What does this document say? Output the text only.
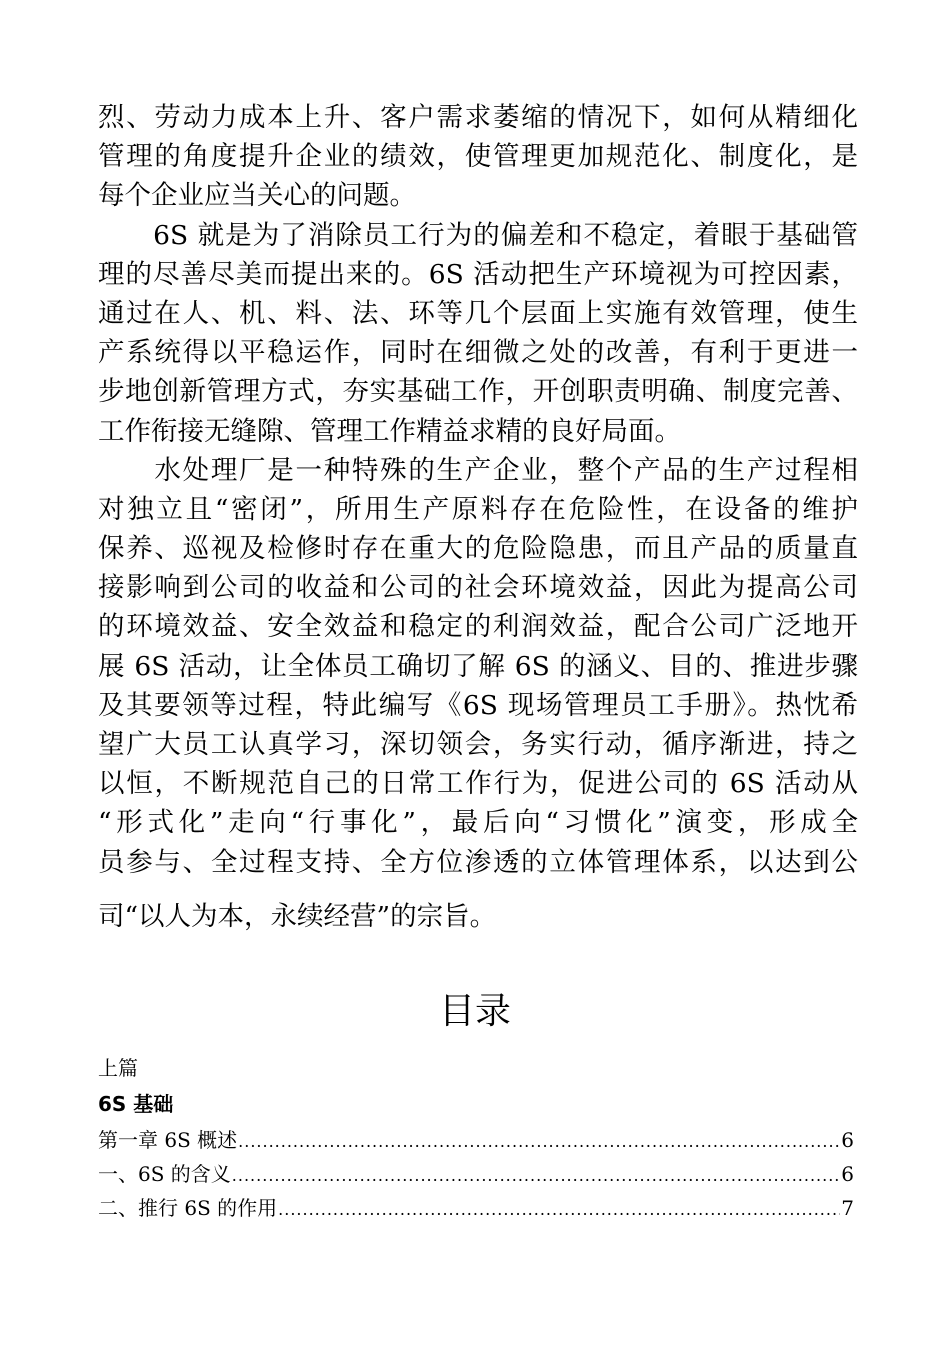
烈、劳动力成本上升、客户需求萎缩的情况下，如何从精细化
管理的角度提升企业的绩效，使管理更加规范化、制度化，是
每个企业应当关心的问题。
　　6S 就是为了消除员工行为的偏差和不稳定，着眼于基础管
理的尽善尽美而提出来的。6S 活动把生产环境视为可控因素，
通过在人、机、料、法、环等几个层面上实施有效管理，使生
产系统得以平稳运作，同时在细微之处的改善，有利于更进一
步地创新管理方式，夯实基础工作，开创职责明确、制度完善、
工作衔接无缝隙、管理工作精益求精的良好局面。
　　水处理厂是一种特殊的生产企业，整个产品的生产过程相
对独立且“密闭”，所用生产原料存在危险性，在设备的维护
保养、巡视及检修时存在重大的危险隐患，而且产品的质量直
接影响到公司的收益和公司的社会环境效益，因此为提高公司
的环境效益、安全效益和稳定的利润效益，配合公司广泛地开
展 6S 活动，让全体员工确切了解 6S 的涵义、目的、推进步骤
及其要领等过程，特此编写《6S 现场管理员工手册》。热忱希
望广大员工认真学习，深切领会，务实行动，循序渐进，持之
以恒，不断规范自己的日常工作行为，促进公司的 6S 活动从
“形式化”走向“行事化”，最后向“习惯化”演变，形成全
员参与、全过程支持、全方位渗透的立体管理体系，以达到公
司“以人为本，永续经营”的宗旨。
目录
上篇
6S 基础
第一章 6S 概述 .....	6
一、6S 的含义 .....	6
二、推行 6S 的作用 .....	7
